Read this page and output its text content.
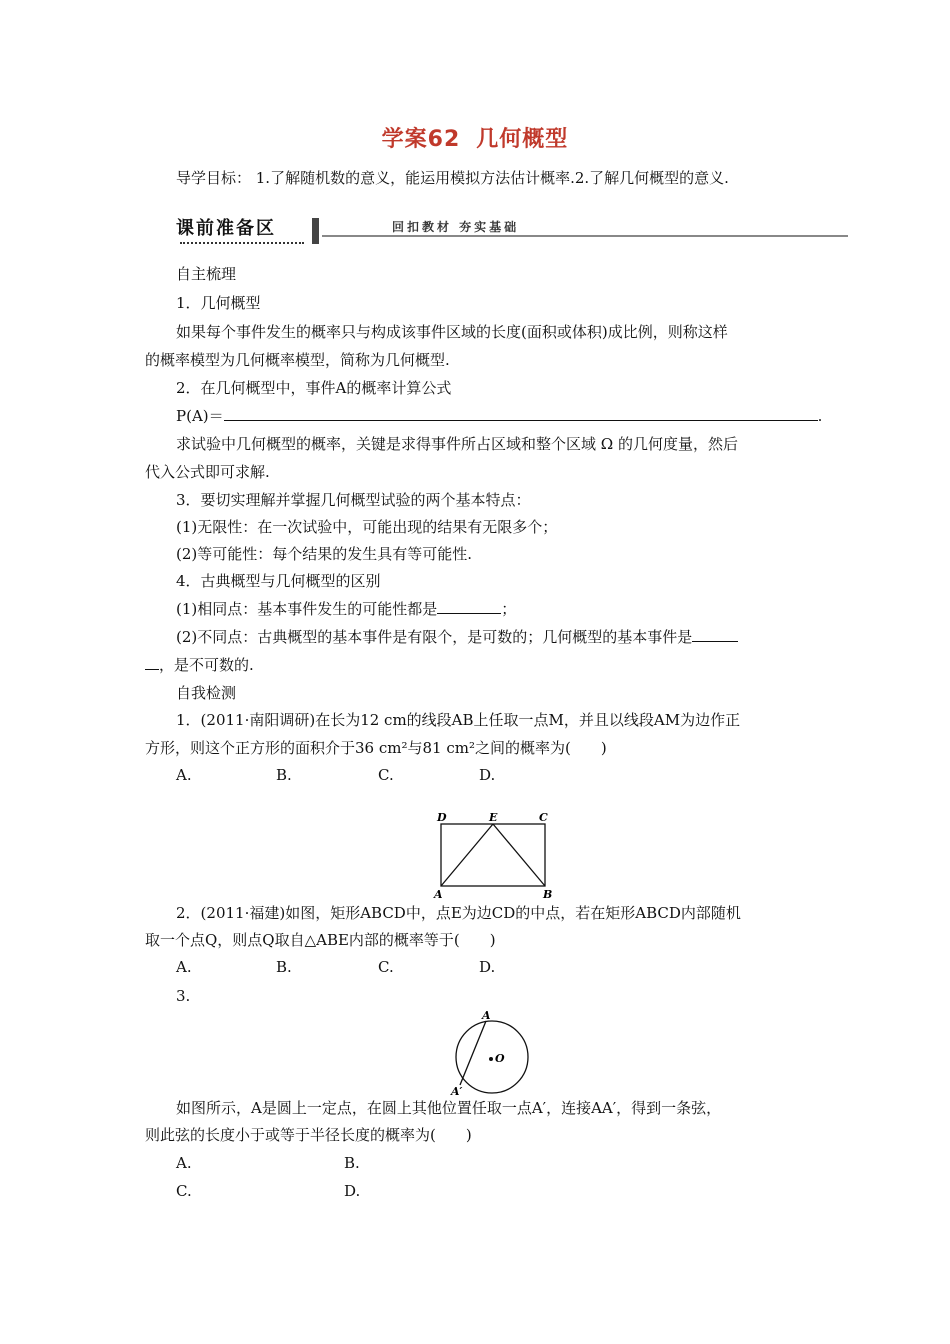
学案62 几何概型
导学目标： 1.了解随机数的意义，能运用模拟方法估计概率.2.了解几何概型的意义.
课前准备区	回扣教材 夯实基础
自主梳理
1．几何概型
如果每个事件发生的概率只与构成该事件区域的长度(面积或体积)成比例，则称这样
的概率模型为几何概率模型，简称为几何概型.
2．在几何概型中，事件A的概率计算公式
P(A)＝	.
求试验中几何概型的概率，关键是求得事件所占区域和整个区域 Ω 的几何度量，然后
代入公式即可求解.
3．要切实理解并掌握几何概型试验的两个基本特点：
(1)无限性：在一次试验中，可能出现的结果有无限多个；
(2)等可能性：每个结果的发生具有等可能性.
4．古典概型与几何概型的区别
(1)相同点：基本事件发生的可能性都是	；
(2)不同点：古典概型的基本事件是有限个，是可数的；几何概型的基本事件是
，是不可数的.
自我检测
1．(2011·南阳调研)在长为12 cm的线段AB上任取一点M，并且以线段AM为边作正
方形，则这个正方形的面积介于36 cm²与81 cm²之间的概率为(　　)
A.	B.	C.	D.
D	E	C
A	B
2．(2011·福建)如图，矩形ABCD中，点E为边CD的中点，若在矩形ABCD内部随机
取一个点Q，则点Q取自△ABE内部的概率等于(　　)
A.	B.	C.	D.
3.
A
O
A′
如图所示，A是圆上一定点，在圆上其他位置任取一点A′，连接AA′，得到一条弦，
则此弦的长度小于或等于半径长度的概率为(　　)
A.	B.
C.	D.
